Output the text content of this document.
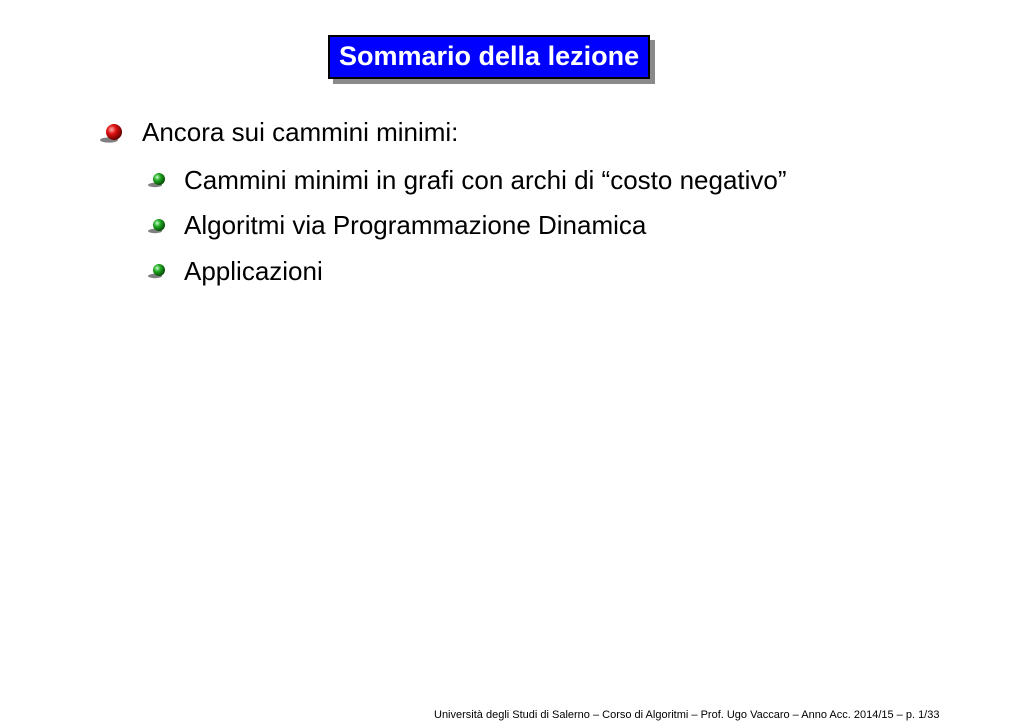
Sommario della lezione
Ancora sui cammini minimi:
Cammini minimi in grafi con archi di “costo negativo”
Algoritmi via Programmazione Dinamica
Applicazioni
Università degli Studi di Salerno – Corso di Algoritmi – Prof. Ugo Vaccaro – Anno Acc. 2014/15 – p. 1/33
